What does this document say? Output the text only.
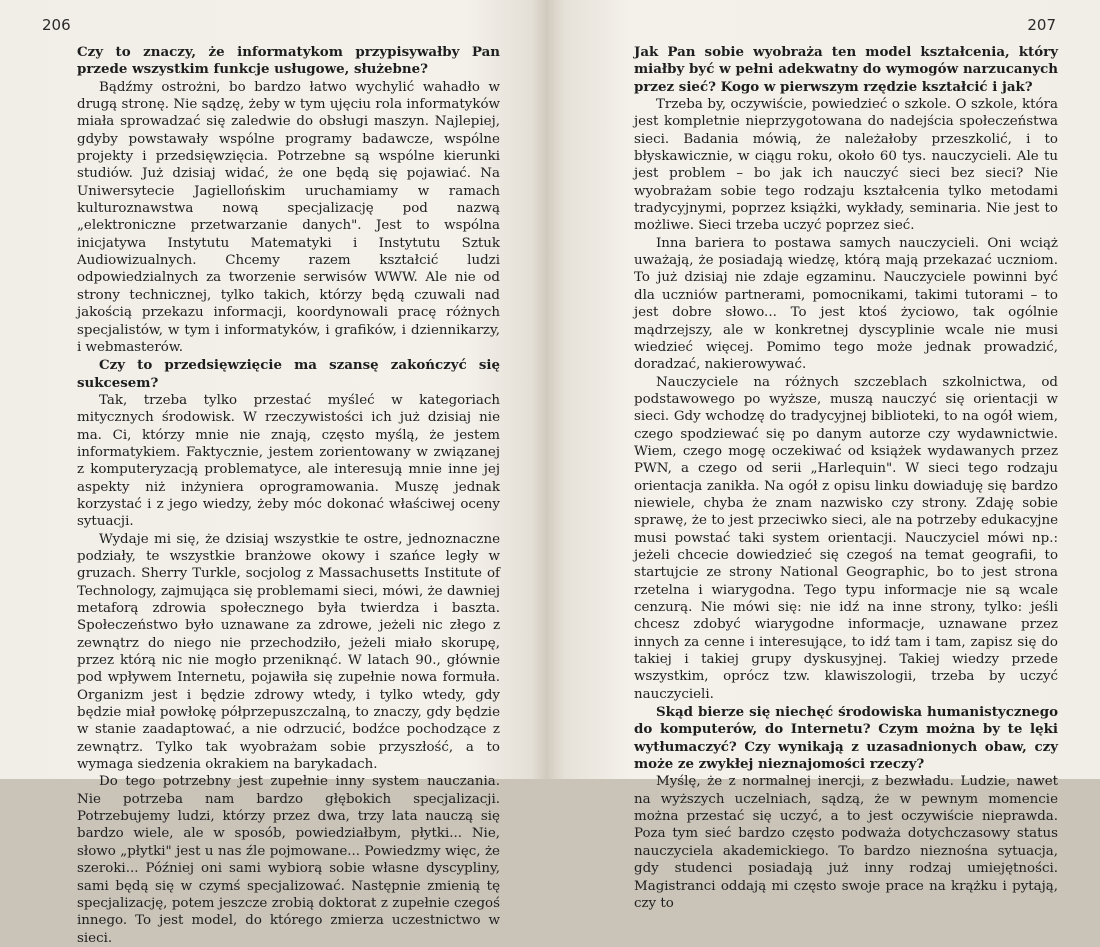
206

Czy to znaczy, że informatykom przypisywałby Pan przede wszystkim funkcje usługowe, służebne?

Bądźmy ostrożni, bo bardzo łatwo wychylić wahadło w drugą stronę. Nie sądzę, żeby w tym ujęciu rola informatyków miała sprowadzać się zaledwie do obsługi maszyn. Najlepiej, gdyby powstawały wspólne programy badawcze, wspólne projekty i przedsięwzięcia. Potrzebne są wspólne kierunki studiów. Już dzisiaj widać, że one będą się pojawiać. Na Uniwersytecie Jagiellońskim uruchamiamy w ramach kulturoznawstwa nową specjalizację pod nazwą „elektroniczne przetwarzanie danych". Jest to wspólna inicjatywa Instytutu Matematyki i Instytutu Sztuk Audiowizualnych. Chcemy razem kształcić ludzi odpowiedzialnych za tworzenie serwisów WWW. Ale nie od strony technicznej, tylko takich, którzy będą czuwali nad jakością przekazu informacji, koordynowali pracę różnych specjalistów, w tym i informatyków, i grafików, i dziennikarzy, i webmasterów.

Czy to przedsięwzięcie ma szansę zakończyć się sukcesem?

Tak, trzeba tylko przestać myśleć w kategoriach mitycznych środowisk. W rzeczywistości ich już dzisiaj nie ma. Ci, którzy mnie nie znają, często myślą, że jestem informatykiem. Faktycznie, jestem zorientowany w związanej z komputeryzacją problematyce, ale interesują mnie inne jej aspekty niż inżyniera oprogramowania. Muszę jednak korzystać i z jego wiedzy, żeby móc dokonać właściwej oceny sytuacji.

Wydaje mi się, że dzisiaj wszystkie te ostre, jednoznaczne podziały, te wszystkie branżowe okowy i szańce legły w gruzach. Sherry Turkle, socjolog z Massachusetts Institute of Technology, zajmująca się problemami sieci, mówi, że dawniej metaforą zdrowia społecznego była twierdza i baszta. Społeczeństwo było uznawane za zdrowe, jeżeli nic złego z zewnątrz do niego nie przechodziło, jeżeli miało skorupę, przez którą nic nie mogło przeniknąć. W latach 90., głównie pod wpływem Internetu, pojawiła się zupełnie nowa formuła. Organizm jest i będzie zdrowy wtedy, i tylko wtedy, gdy będzie miał powłokę półprzepuszczalną, to znaczy, gdy będzie w stanie zaadaptować, a nie odrzucić, bodźce pochodzące z zewnątrz. Tylko tak wyobrażam sobie przyszłość, a to wymaga siedzenia okrakiem na barykadach.

Do tego potrzebny jest zupełnie inny system nauczania. Nie potrzeba nam bardzo głębokich specjalizacji. Potrzebujemy ludzi, którzy przez dwa, trzy lata nauczą się bardzo wiele, ale w sposób, powiedziałbym, płytki... Nie, słowo „płytki" jest u nas źle pojmowane... Powiedzmy więc, że szeroki... Później oni sami wybiorą sobie własne dyscypliny, sami będą się w czymś specjalizować. Następnie zmienią tę specjalizację, potem jeszcze zrobią doktorat z zupełnie czegoś innego. To jest model, do którego zmierza uczestnictwo w sieci.

207

Jak Pan sobie wyobraża ten model kształcenia, który miałby być w pełni adekwatny do wymogów narzucanych przez sieć? Kogo w pierwszym rzędzie kształcić i jak?

Trzeba by, oczywiście, powiedzieć o szkole. O szkole, która jest kompletnie nieprzygotowana do nadejścia społeczeństwa sieci. Badania mówią, że należałoby przeszkolić, i to błyskawicznie, w ciągu roku, około 60 tys. nauczycieli. Ale tu jest problem – bo jak ich nauczyć sieci bez sieci? Nie wyobrażam sobie tego rodzaju kształcenia tylko metodami tradycyjnymi, poprzez książki, wykłady, seminaria. Nie jest to możliwe. Sieci trzeba uczyć poprzez sieć.

Inna bariera to postawa samych nauczycieli. Oni wciąż uważają, że posiadają wiedzę, którą mają przekazać uczniom. To już dzisiaj nie zdaje egzaminu. Nauczyciele powinni być dla uczniów partnerami, pomocnikami, takimi tutorami – to jest dobre słowo... To jest ktoś życiowo, tak ogólnie mądrzejszy, ale w konkretnej dyscyplinie wcale nie musi wiedzieć więcej. Pomimo tego może jednak prowadzić, doradzać, nakierowywać.

Nauczyciele na różnych szczeblach szkolnictwa, od podstawowego po wyższe, muszą nauczyć się orientacji w sieci. Gdy wchodzę do tradycyjnej biblioteki, to na ogół wiem, czego spodziewać się po danym autorze czy wydawnictwie. Wiem, czego mogę oczekiwać od książek wydawanych przez PWN, a czego od serii „Harlequin". W sieci tego rodzaju orientacja zanikła. Na ogół z opisu linku dowiaduję się bardzo niewiele, chyba że znam nazwisko czy strony. Zdaję sobie sprawę, że to jest przeciwko sieci, ale na potrzeby edukacyjne musi powstać taki system orientacji. Nauczyciel mówi np.: jeżeli chcecie dowiedzieć się czegoś na temat geografii, to startujcie ze strony National Geographic, bo to jest strona rzetelna i wiarygodna. Tego typu informacje nie są wcale cenzurą. Nie mówi się: nie idź na inne strony, tylko: jeśli chcesz zdobyć wiarygodne informacje, uznawane przez innych za cenne i interesujące, to idź tam i tam, zapisz się do takiej i takiej grupy dyskusyjnej. Takiej wiedzy przede wszystkim, oprócz tzw. klawiszologii, trzeba by uczyć nauczycieli.

Skąd bierze się niechęć środowiska humanistycznego do komputerów, do Internetu? Czym można by te lęki wytłumaczyć? Czy wynikają z uzasadnionych obaw, czy może ze zwykłej nieznajomości rzeczy?

Myślę, że z normalnej inercji, z bezwładu. Ludzie, nawet na wyższych uczelniach, sądzą, że w pewnym momencie można przestać się uczyć, a to jest oczywiście nieprawda. Poza tym sieć bardzo często podważa dotychczasowy status nauczyciela akademickiego. To bardzo nieznośna sytuacja, gdy studenci posiadają już inny rodzaj umiejętności. Magistranci oddają mi często swoje prace na krążku i pytają, czy to
